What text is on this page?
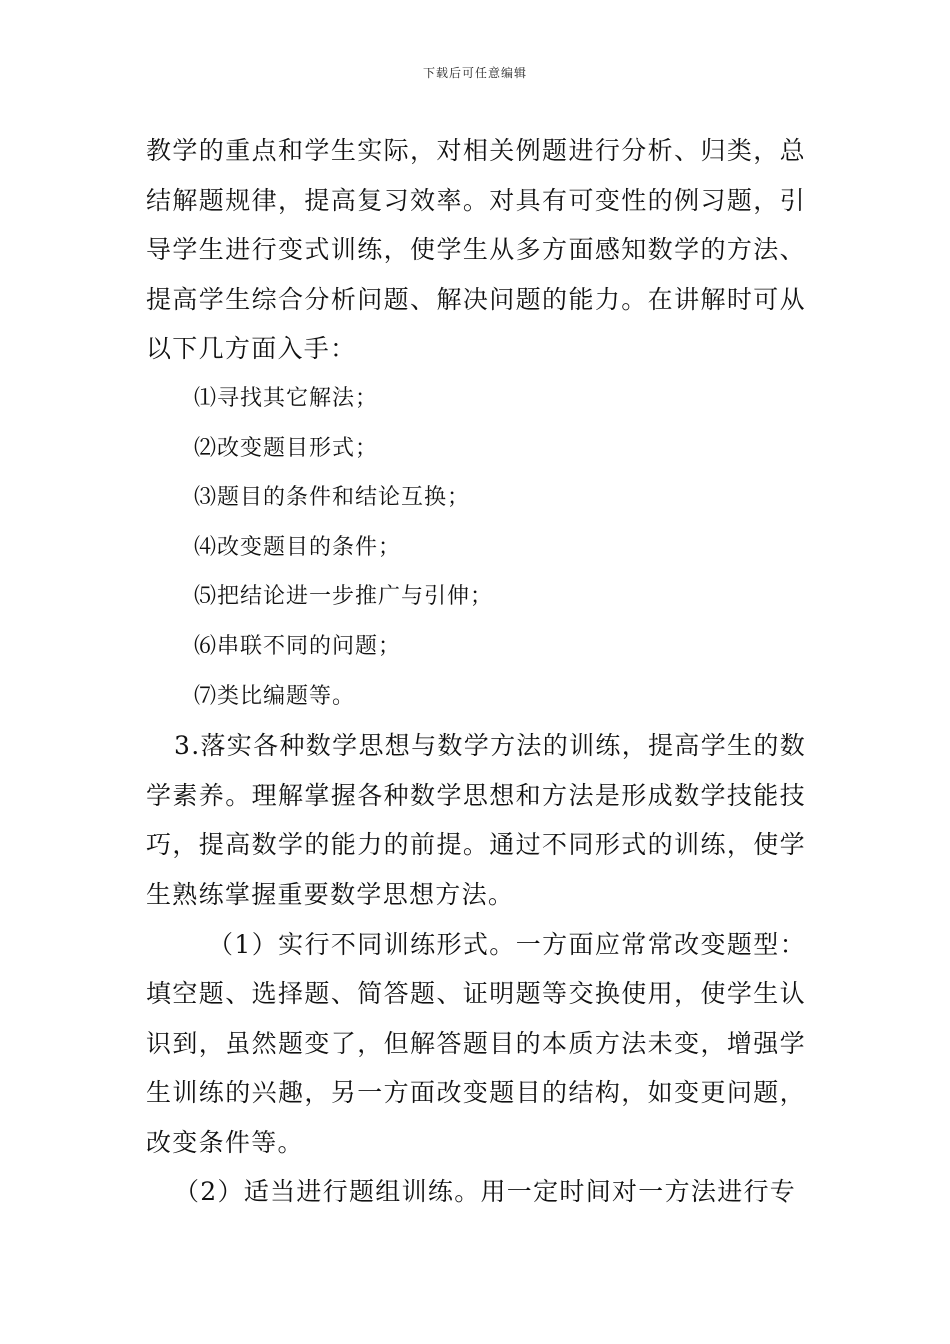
下载后可任意编辑

教学的重点和学生实际，对相关例题进行分析、归类，总结解题规律，提高复习效率。对具有可变性的例习题，引导学生进行变式训练，使学生从多方面感知数学的方法、提高学生综合分析问题、解决问题的能力。在讲解时可从以下几方面入手：

⑴寻找其它解法；

⑵改变题目形式；

⑶题目的条件和结论互换；

⑷改变题目的条件；

⑸把结论进一步推广与引伸；

⑹串联不同的问题；

⑺类比编题等。

3.落实各种数学思想与数学方法的训练，提高学生的数学素养。理解掌握各种数学思想和方法是形成数学技能技巧，提高数学的能力的前提。通过不同形式的训练，使学生熟练掌握重要数学思想方法。

（1）实行不同训练形式。一方面应常常改变题型：填空题、选择题、简答题、证明题等交换使用，使学生认识到，虽然题变了，但解答题目的本质方法未变，增强学生训练的兴趣，另一方面改变题目的结构，如变更问题，改变条件等。

（2）适当进行题组训练。用一定时间对一方法进行专
